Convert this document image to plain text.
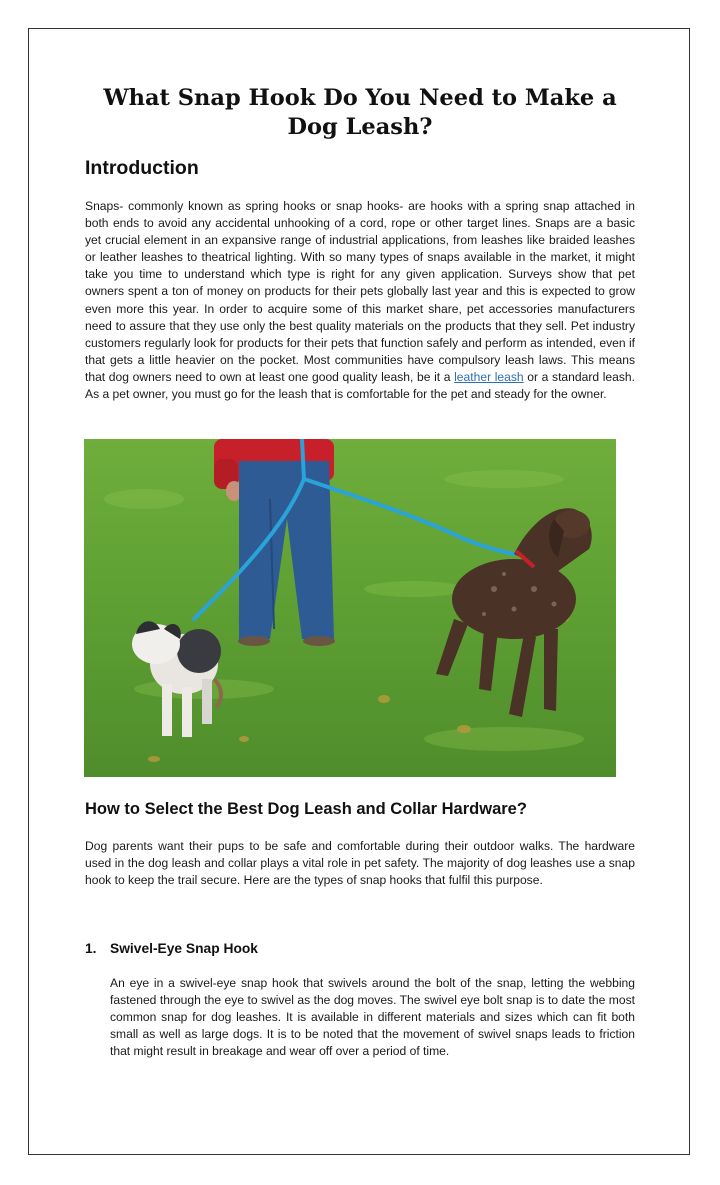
What Snap Hook Do You Need to Make a Dog Leash?
Introduction

Snaps- commonly known as spring hooks or snap hooks- are hooks with a spring snap attached in both ends to avoid any accidental unhooking of a cord, rope or other target lines. Snaps are a basic yet crucial element in an expansive range of industrial applications, from leashes like braided leashes or leather leashes to theatrical lighting. With so many types of snaps available in the market, it might take you time to understand which type is right for any given application. Surveys show that pet owners spent a ton of money on products for their pets globally last year and this is expected to grow even more this year. In order to acquire some of this market share, pet accessories manufacturers need to assure that they use only the best quality materials on the products that they sell. Pet industry customers regularly look for products for their pets that function safely and perform as intended, even if that gets a little heavier on the pocket. Most communities have compulsory leash laws. This means that dog owners need to own at least one good quality leash, be it a leather leash or a standard leash. As a pet owner, you must go for the leash that is comfortable for the pet and steady for the owner.

How to Select the Best Dog Leash and Collar Hardware?

Dog parents want their pups to be safe and comfortable during their outdoor walks. The hardware used in the dog leash and collar plays a vital role in pet safety. The majority of dog leashes use a snap hook to keep the trail secure. Here are the types of snap hooks that fulfil this purpose.

1. Swivel-Eye Snap Hook

An eye in a swivel-eye snap hook that swivels around the bolt of the snap, letting the webbing fastened through the eye to swivel as the dog moves. The swivel eye bolt snap is to date the most common snap for dog leashes. It is available in different materials and sizes which can fit both small as well as large dogs. It is to be noted that the movement of swivel snaps leads to friction that might result in breakage and wear off over a period of time.
